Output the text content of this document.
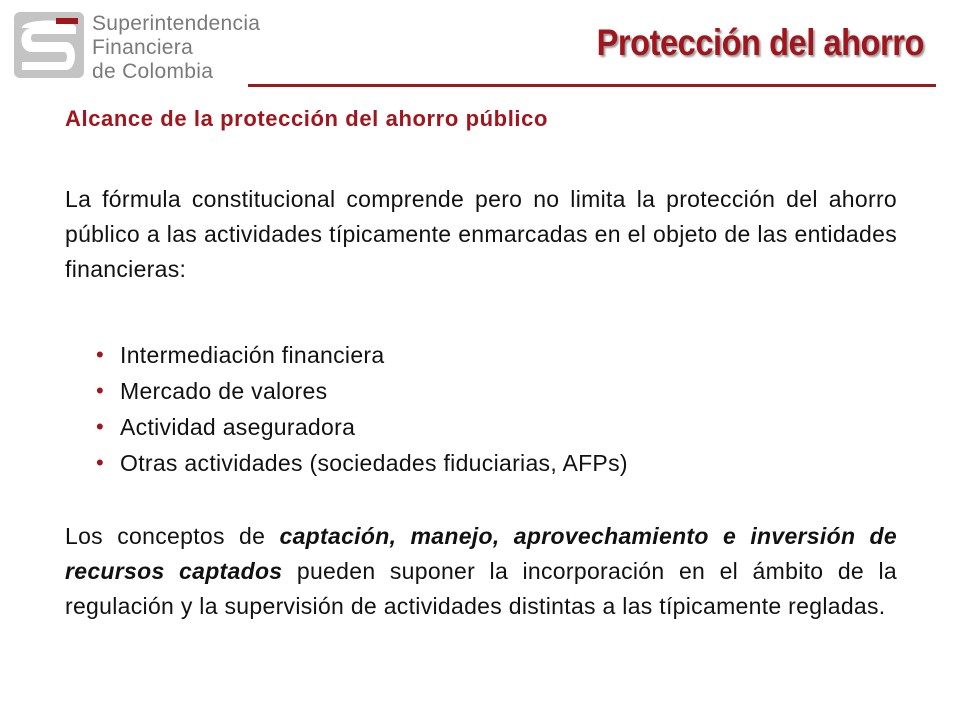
Superintendencia
Financiera
de Colombia
Protección del ahorro
Alcance de la protección del ahorro público
La fórmula constitucional comprende pero no limita la protección del ahorro público a las actividades típicamente enmarcadas en el objeto de las entidades financieras:
• Intermediación financiera
• Mercado de valores
• Actividad aseguradora
• Otras actividades (sociedades fiduciarias, AFPs)
Los conceptos de captación, manejo, aprovechamiento e inversión de recursos captados pueden suponer la incorporación en el ámbito de la regulación y la supervisión de actividades distintas a las típicamente regladas.
